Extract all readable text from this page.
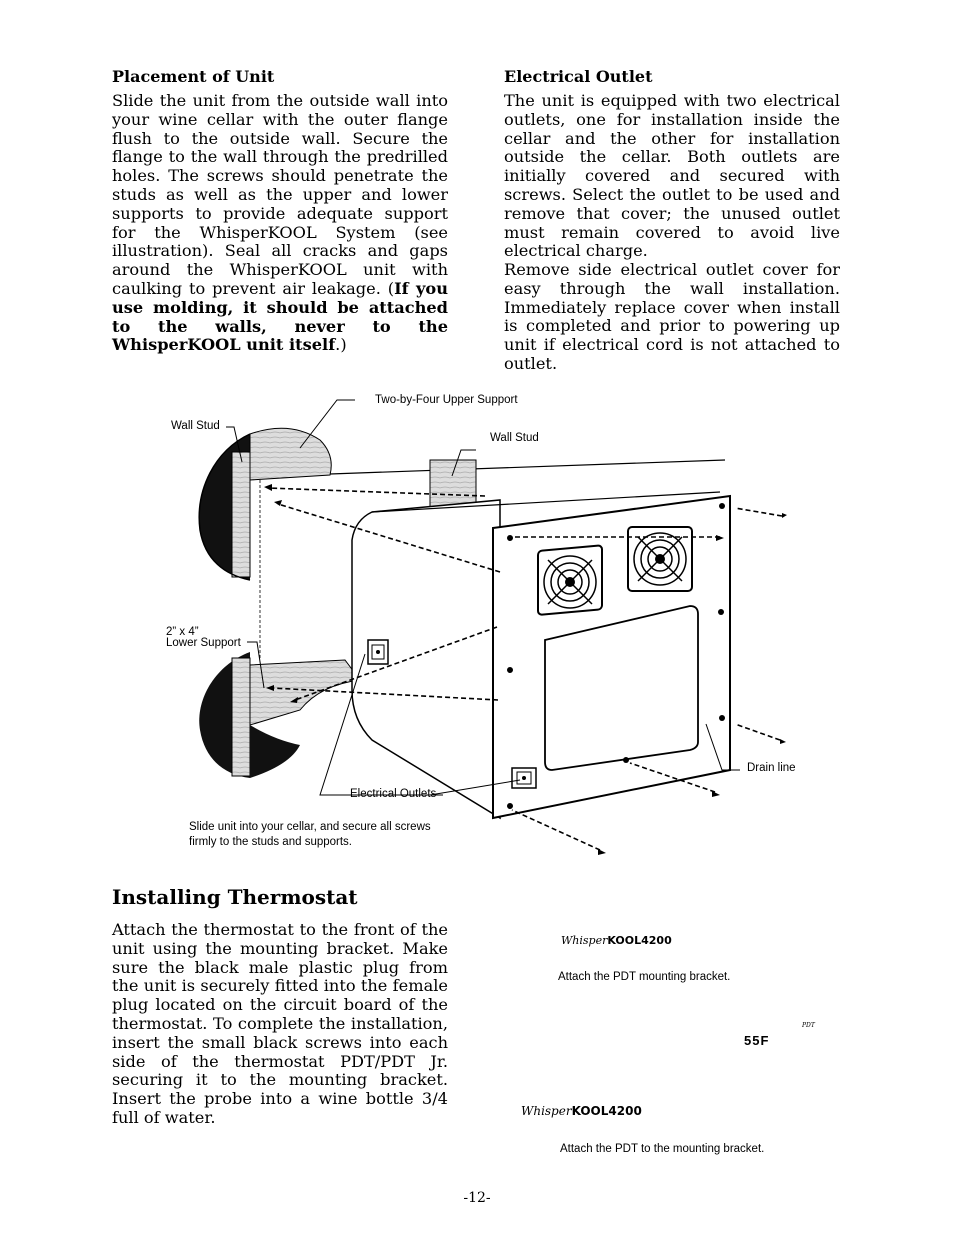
Placement of Unit
Slide the unit from the outside wall into your wine cellar with the outer flange flush to the outside wall. Secure the flange to the wall through the predrilled holes. The screws should penetrate the studs as well as the upper and lower supports to provide adequate support for the WhisperKOOL System (see illustration). Seal all cracks and gaps around the WhisperKOOL unit with caulking to prevent air leakage. (If you use molding, it should be attached to the walls, never to the WhisperKOOL unit itself.)
Electrical Outlet
The unit is equipped with two electrical outlets, one for installation inside the cellar and the other for installation outside the cellar. Both outlets are initially covered and secured with screws. Select the outlet to be used and remove that cover; the unused outlet must remain covered to avoid live electrical charge.
Remove side electrical outlet cover for easy through the wall installation. Immediately replace cover when install is completed and prior to powering up unit if electrical cord is not attached to outlet.
Two-by-Four Upper Support
Wall Stud
Wall Stud
2” x 4”
Lower Support
Drain line
Electrical Outlets
Slide unit into your cellar, and secure all screws firmly to the studs and supports.
Installing Thermostat
Attach the thermostat to the front of the unit using the mounting bracket. Make sure the black male plastic plug from the unit is securely fitted into the female plug located on the circuit board of the thermostat. To complete the installation, insert the small black screws into each side of the thermostat PDT/PDT Jr. securing it to the mounting bracket. Insert the probe into a wine bottle 3/4 full of water.
WhisperKOOL4200
WhisperKOOL4200
55F
PDT
Attach the PDT mounting bracket.
Attach the PDT to the mounting bracket.
-12-
